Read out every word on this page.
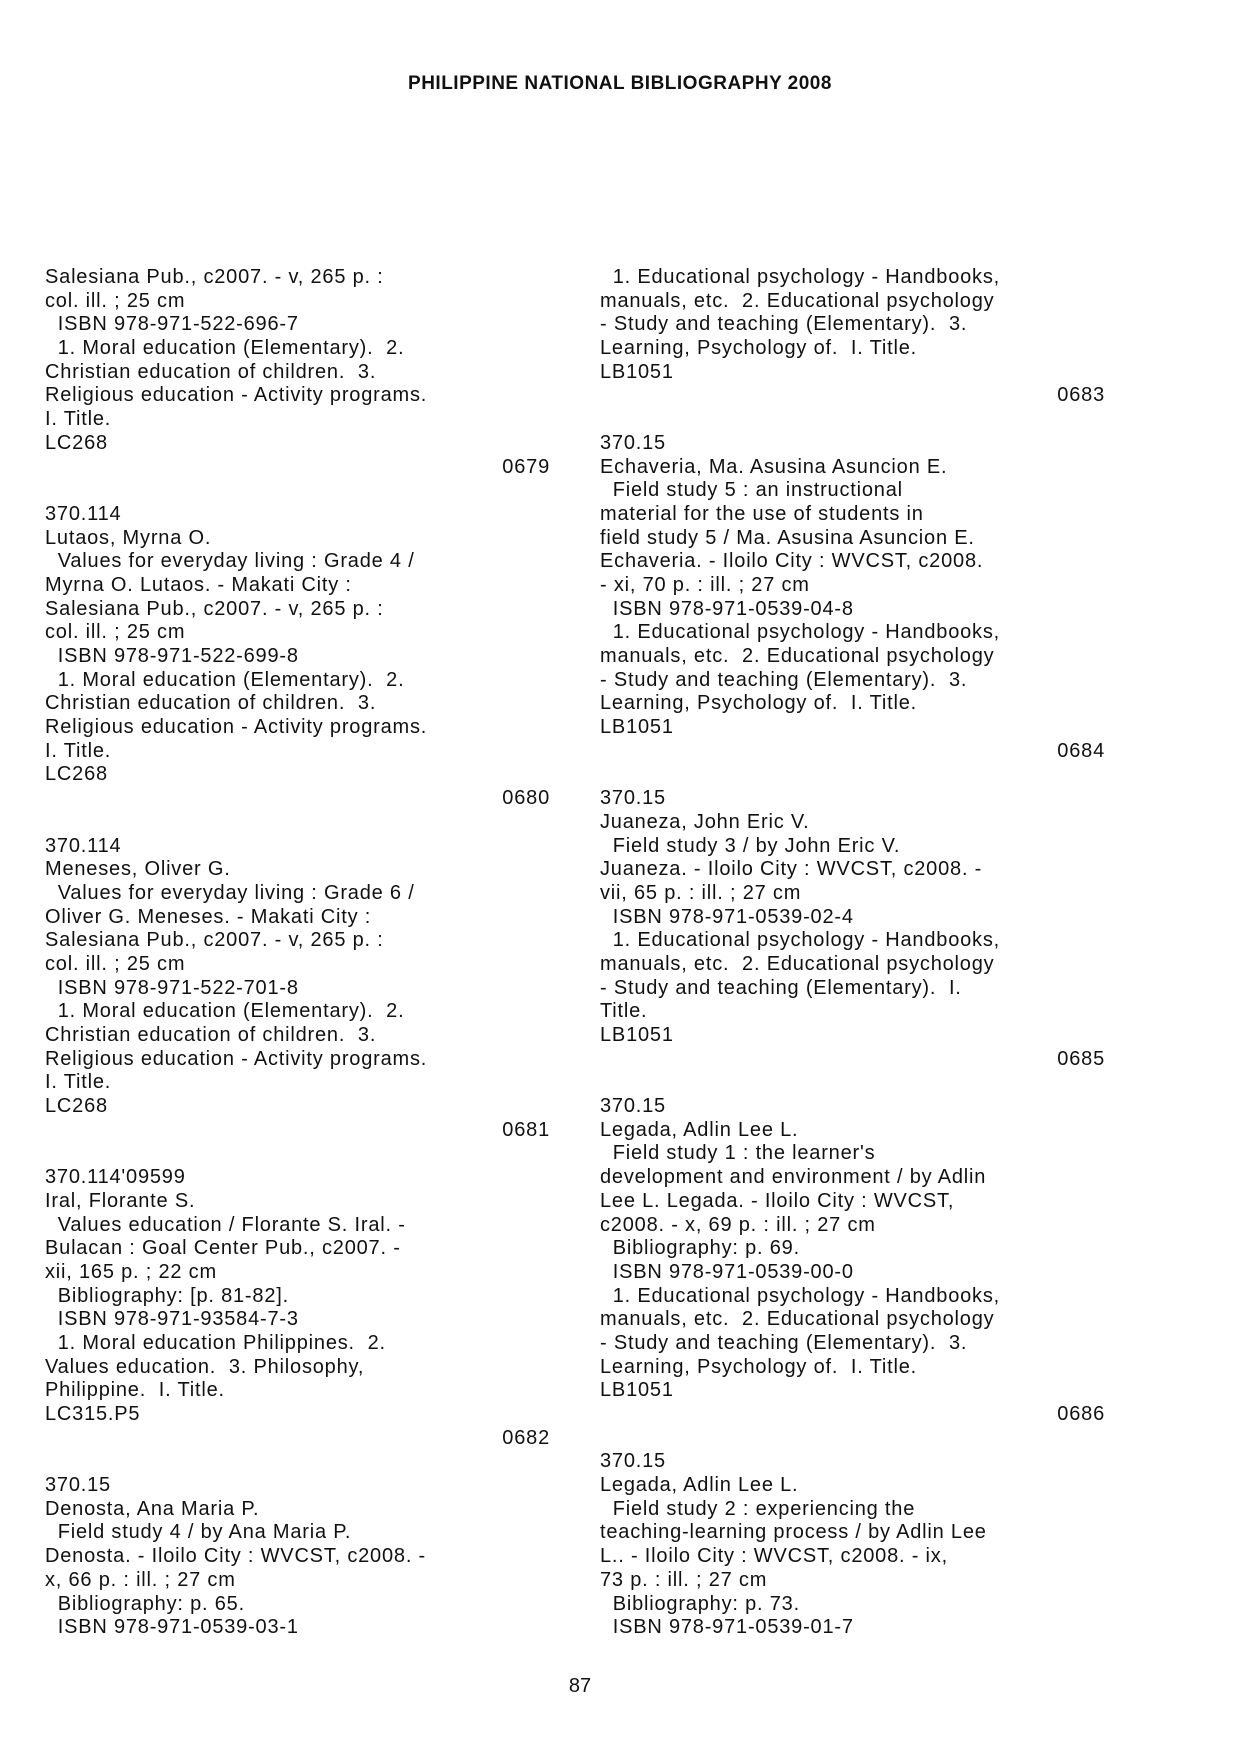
PHILIPPINE NATIONAL BIBLIOGRAPHY 2008
Salesiana Pub., c2007. - v, 265 p. :
col. ill. ; 25 cm
ISBN 978-971-522-696-7
1. Moral education (Elementary).  2.
Christian education of children.  3.
Religious education - Activity programs.
I. Title.
LC268
0679
370.114
Lutaos, Myrna O.
Values for everyday living : Grade 4 /
Myrna O. Lutaos. - Makati City :
Salesiana Pub., c2007. - v, 265 p. :
col. ill. ; 25 cm
ISBN 978-971-522-699-8
1. Moral education (Elementary).  2.
Christian education of children.  3.
Religious education - Activity programs.
I. Title.
LC268
0680
370.114
Meneses, Oliver G.
Values for everyday living : Grade 6 /
Oliver G. Meneses. - Makati City :
Salesiana Pub., c2007. - v, 265 p. :
col. ill. ; 25 cm
ISBN 978-971-522-701-8
1. Moral education (Elementary).  2.
Christian education of children.  3.
Religious education - Activity programs.
I. Title.
LC268
0681
370.114'09599
Iral, Florante S.
Values education / Florante S. Iral. -
Bulacan : Goal Center Pub., c2007. -
xii, 165 p. ; 22 cm
Bibliography: [p. 81-82].
ISBN 978-971-93584-7-3
1. Moral education Philippines.  2.
Values education.  3. Philosophy,
Philippine.  I. Title.
LC315.P5
0682
370.15
Denosta, Ana Maria P.
Field study 4 / by Ana Maria P.
Denosta. - Iloilo City : WVCST, c2008. -
x, 66 p. : ill. ; 27 cm
Bibliography: p. 65.
ISBN 978-971-0539-03-1
1. Educational psychology - Handbooks,
manuals, etc.  2. Educational psychology
- Study and teaching (Elementary).  3.
Learning, Psychology of.  I. Title.
LB1051
0683
370.15
Echaveria, Ma. Asusina Asuncion E.
Field study 5 : an instructional
material for the use of students in
field study 5 / Ma. Asusina Asuncion E.
Echaveria. - Iloilo City : WVCST, c2008.
- xi, 70 p. : ill. ; 27 cm
ISBN 978-971-0539-04-8
1. Educational psychology - Handbooks,
manuals, etc.  2. Educational psychology
- Study and teaching (Elementary).  3.
Learning, Psychology of.  I. Title.
LB1051
0684
370.15
Juaneza, John Eric V.
Field study 3 / by John Eric V.
Juaneza. - Iloilo City : WVCST, c2008. -
vii, 65 p. : ill. ; 27 cm
ISBN 978-971-0539-02-4
1. Educational psychology - Handbooks,
manuals, etc.  2. Educational psychology
- Study and teaching (Elementary).  I.
Title.
LB1051
0685
370.15
Legada, Adlin Lee L.
Field study 1 : the learner's
development and environment / by Adlin
Lee L. Legada. - Iloilo City : WVCST,
c2008. - x, 69 p. : ill. ; 27 cm
Bibliography: p. 69.
ISBN 978-971-0539-00-0
1. Educational psychology - Handbooks,
manuals, etc.  2. Educational psychology
- Study and teaching (Elementary).  3.
Learning, Psychology of.  I. Title.
LB1051
0686
370.15
Legada, Adlin Lee L.
Field study 2 : experiencing the
teaching-learning process / by Adlin Lee
L.. - Iloilo City : WVCST, c2008. - ix,
73 p. : ill. ; 27 cm
Bibliography: p. 73.
ISBN 978-971-0539-01-7
87
